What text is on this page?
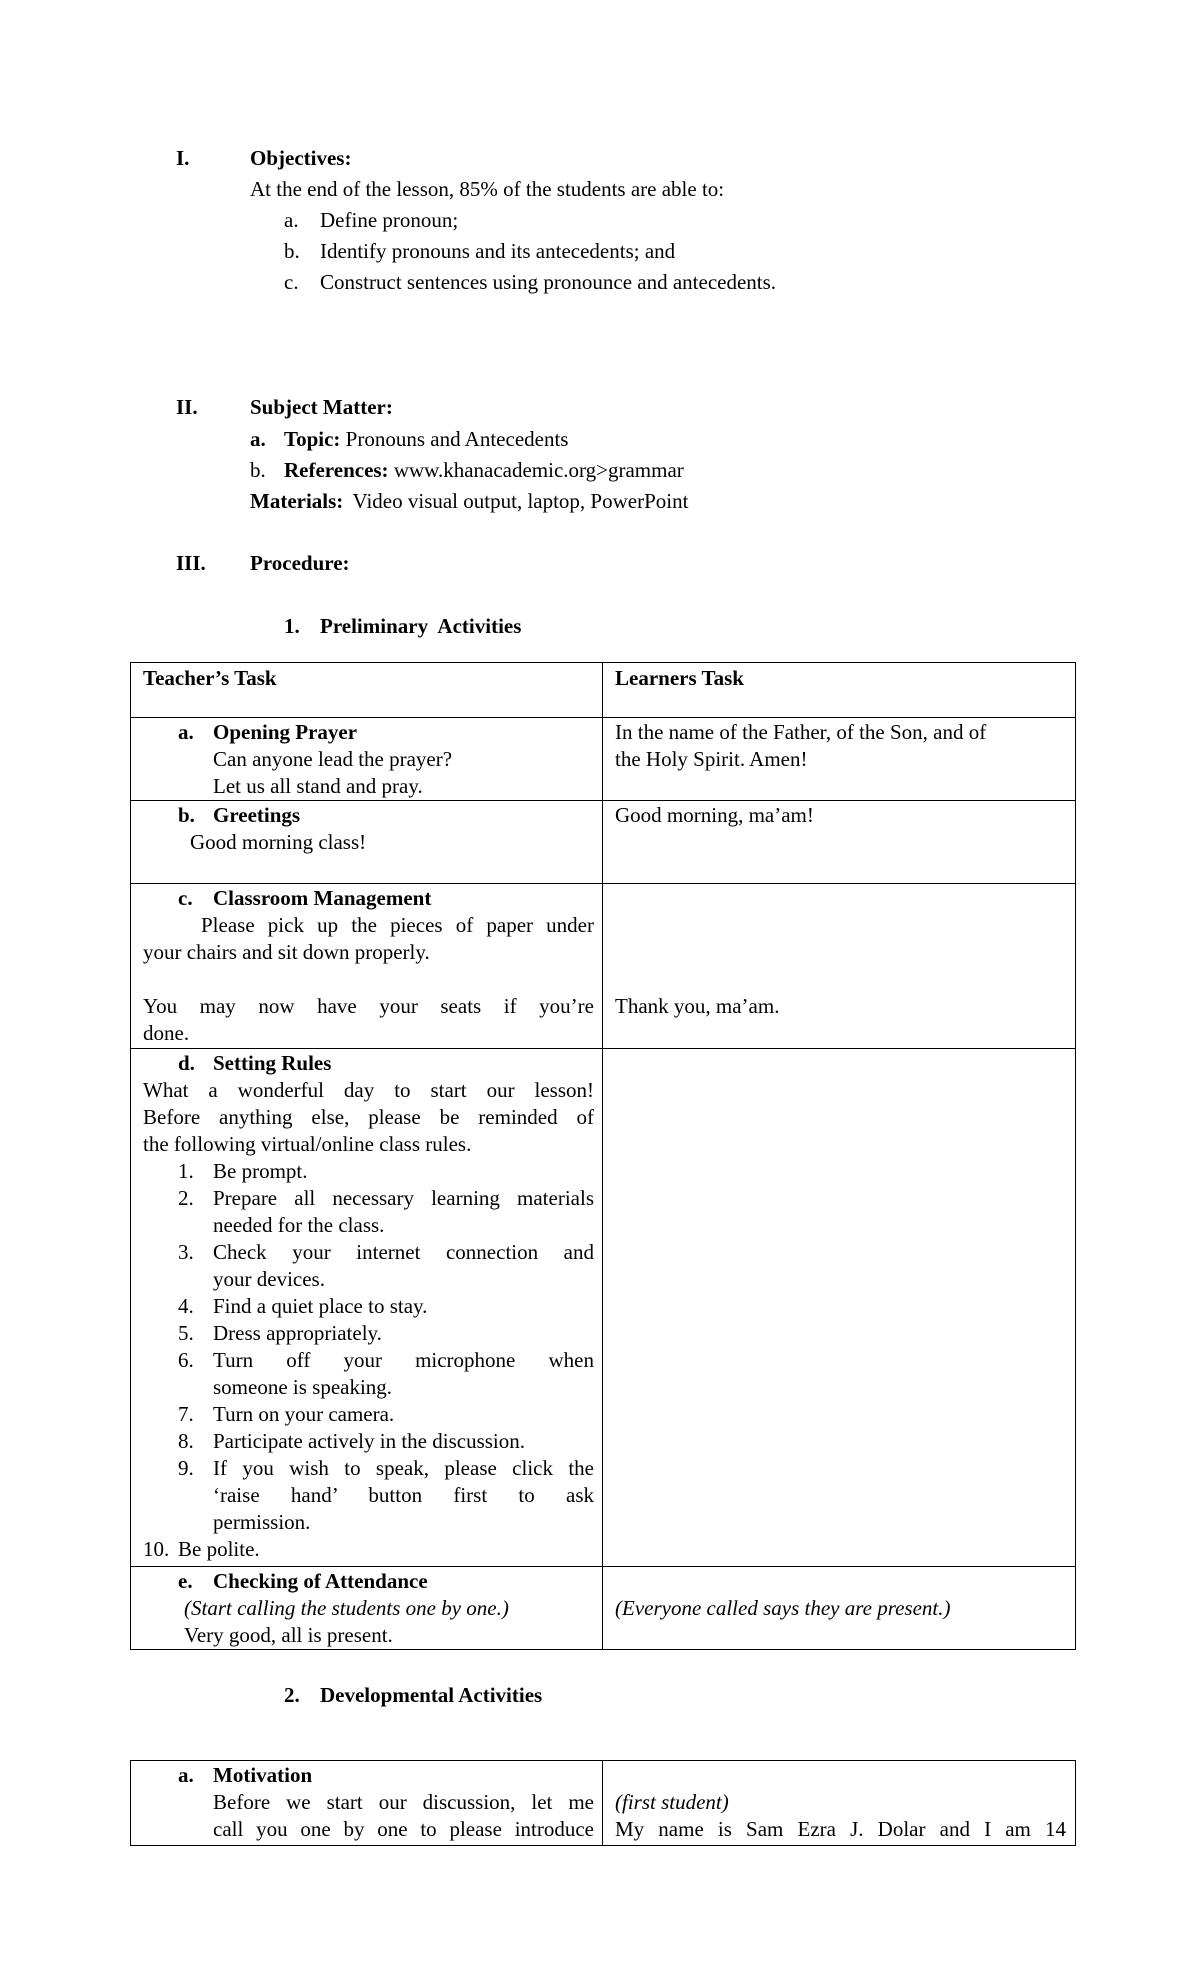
I.	Objectives:
At the end of the lesson, 85% of the students are able to:
a. Define pronoun;
b. Identify pronouns and its antecedents; and
c. Construct sentences using pronounce and antecedents.
II. Subject Matter:
a. Topic: Pronouns and Antecedents
b. References: www.khanacademic.org>grammar
Materials: Video visual output, laptop, PowerPoint
III. Procedure:
1. Preliminary  Activities
Teacher’s Task	Learners Task
a. Opening Prayer
Can anyone lead the prayer?
Let us all stand and pray.
In the name of the Father, of the Son, and of
the Holy Spirit. Amen!
b. Greetings
Good morning class!
Good morning, ma’am!
c. Classroom Management
Please pick up the pieces of paper under
your chairs and sit down properly.
You may now have your seats if you’re
done.
Thank you, ma’am.
d. Setting Rules
What a wonderful day to start our lesson!
Before anything else, please be reminded of
the following virtual/online class rules.
1. Be prompt.
2. Prepare all necessary learning materials
needed for the class.
3. Check your internet connection and
your devices.
4. Find a quiet place to stay.
5. Dress appropriately.
6. Turn off your microphone when
someone is speaking.
7. Turn on your camera.
8. Participate actively in the discussion.
9. If you wish to speak, please click the
‘raise hand’ button first to ask
permission.
10. Be polite.
e. Checking of Attendance
(Start calling the students one by one.)
Very good, all is present.
(Everyone called says they are present.)
2. Developmental Activities
a. Motivation
Before we start our discussion, let me
call you one by one to please introduce
(first student)
My name is Sam Ezra J. Dolar and I am 14
